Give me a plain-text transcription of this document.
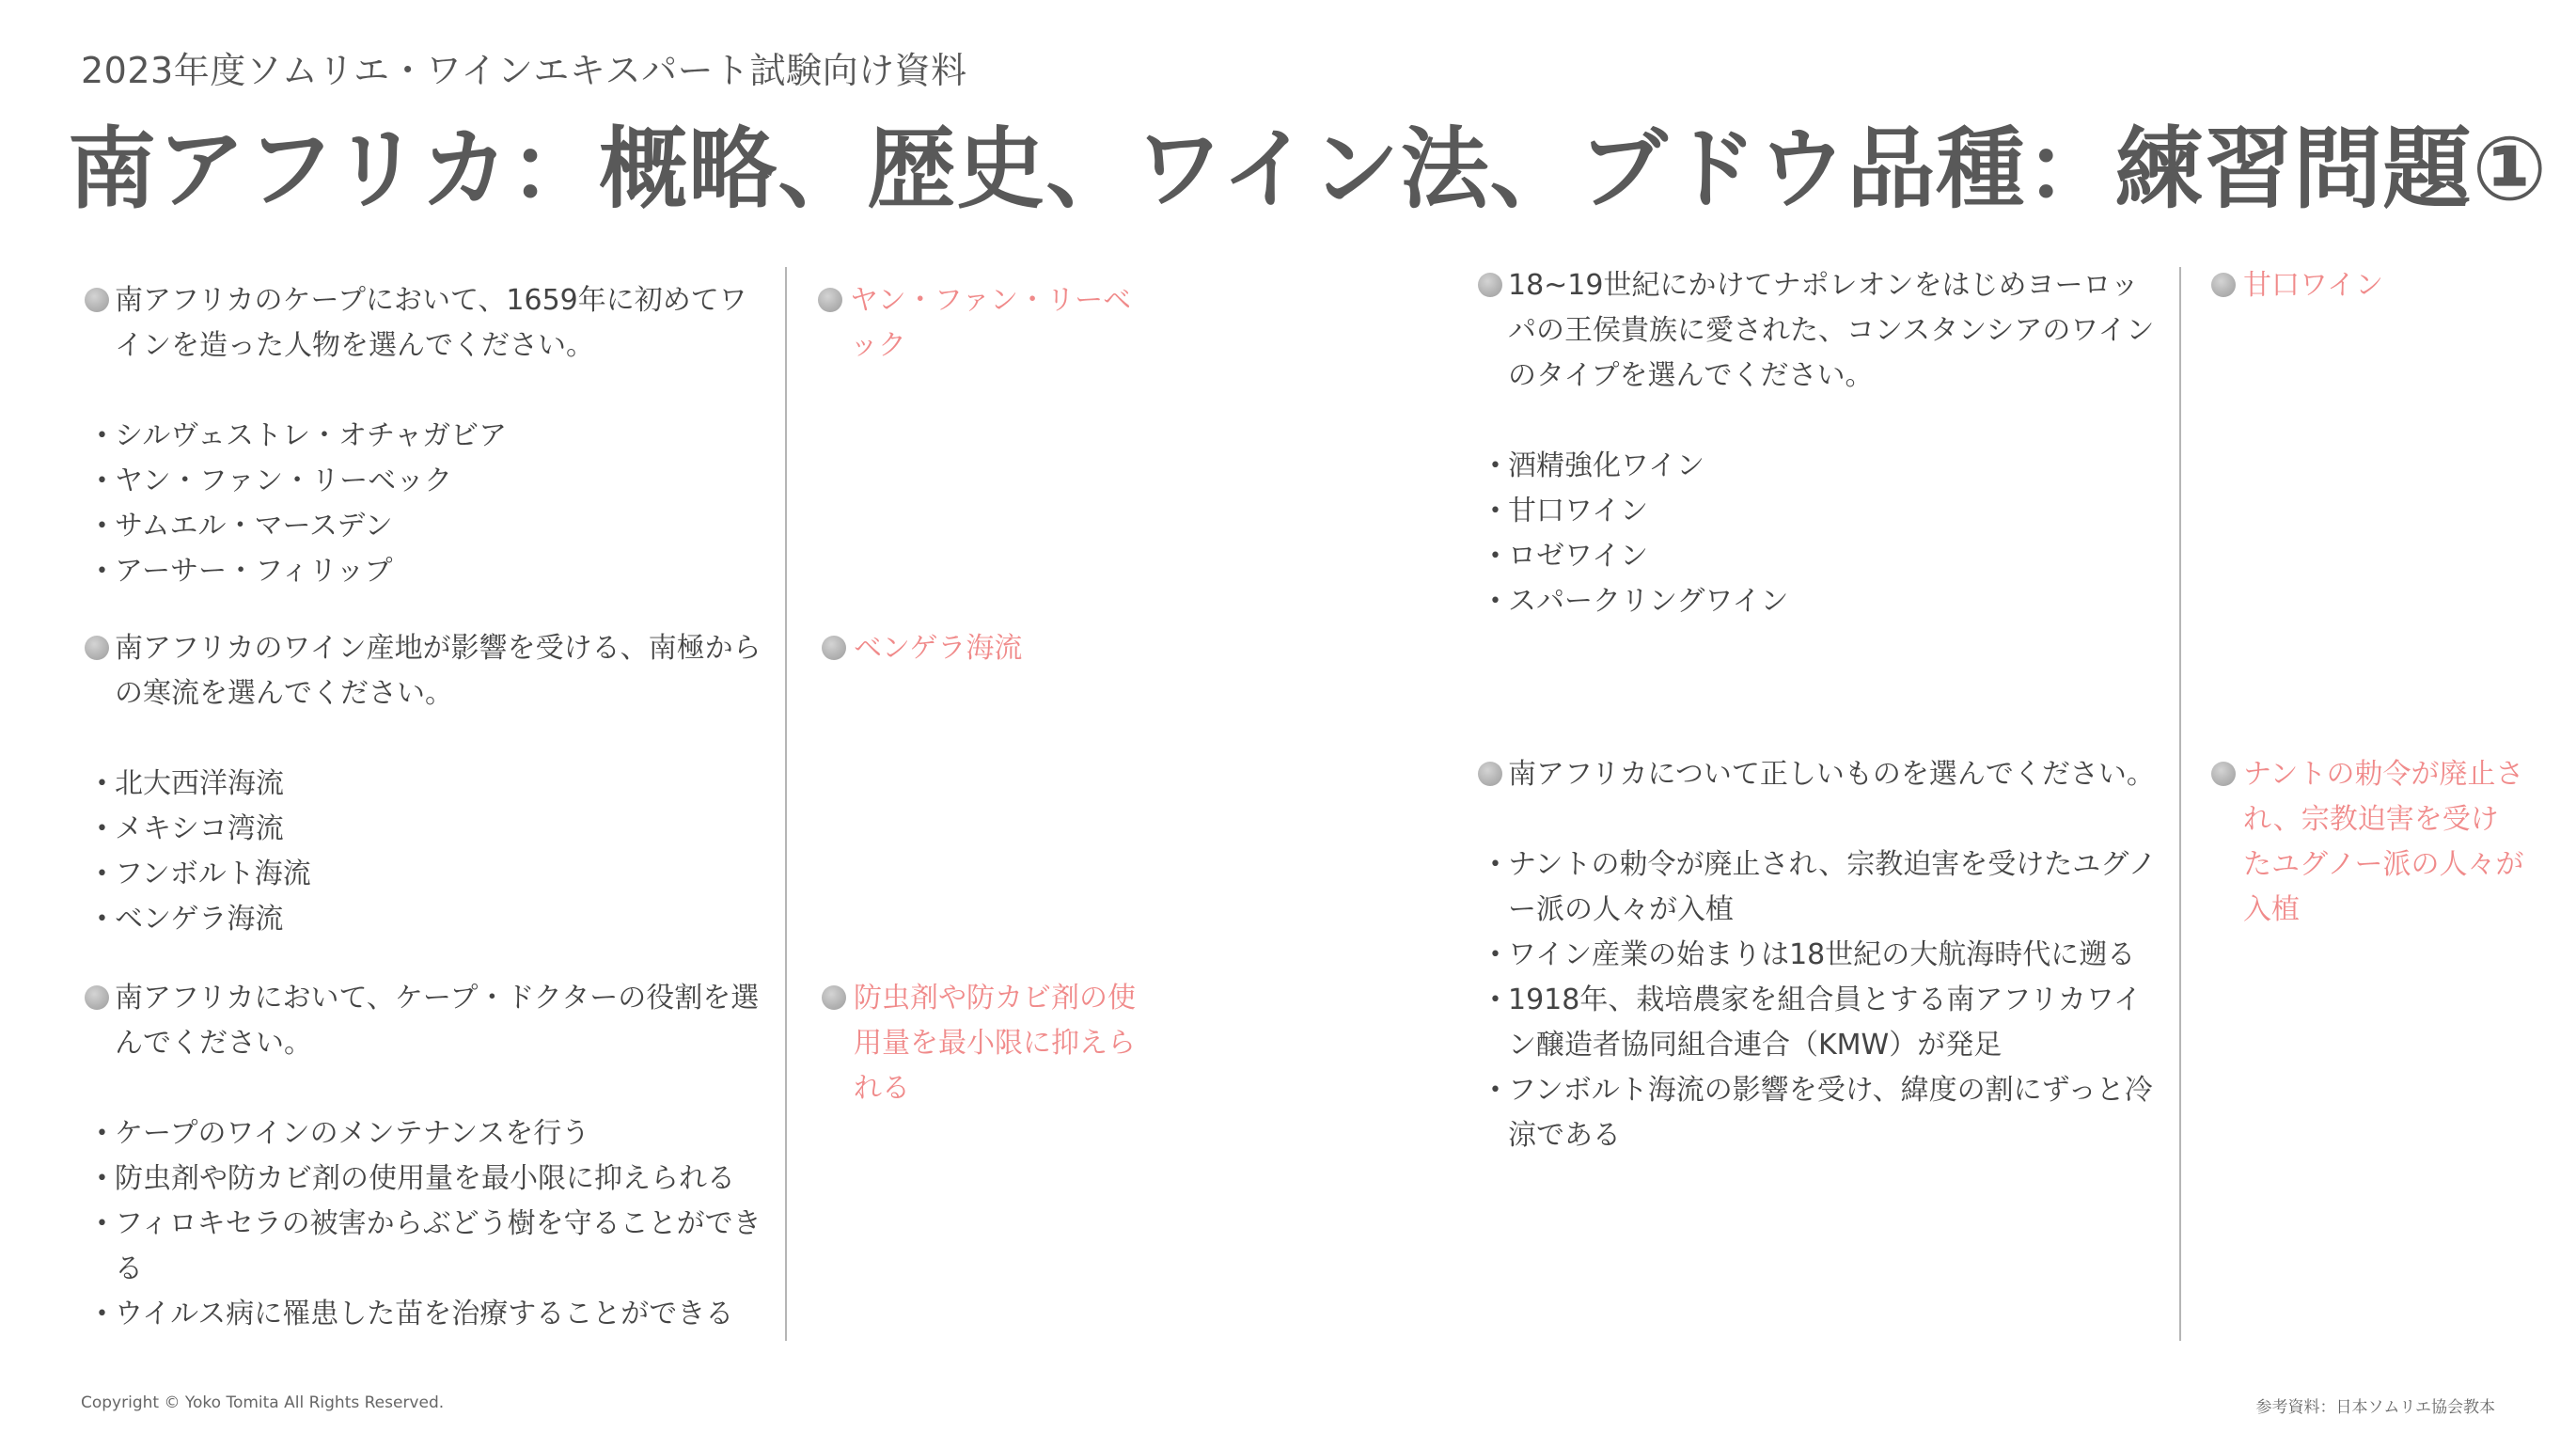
2023年度ソムリエ・ワインエキスパート試験向け資料
南アフリカ：概略、歴史、ワイン法、ブドウ品種：練習問題①
南アフリカのケープにおいて、1659年に初めてワインを造った人物を選んでください。
• シルヴェストレ・オチャガビア
• ヤン・ファン・リーベック
• サムエル・マースデン
• アーサー・フィリップ
ヤン・ファン・リーベック
南アフリカのワイン産地が影響を受ける、南極からの寒流を選んでください。
• 北大西洋海流
• メキシコ湾流
• フンボルト海流
• ベンゲラ海流
ベンゲラ海流
南アフリカにおいて、ケープ・ドクターの役割を選んでください。
• ケープのワインのメンテナンスを行う
• 防虫剤や防カビ剤の使用量を最小限に抑えられる
• フィロキセラの被害からぶどう樹を守ることができる
• ウイルス病に罹患した苗を治療することができる
防虫剤や防カビ剤の使用量を最小限に抑えられる
18~19世紀にかけてナポレオンをはじめヨーロッパの王侯貴族に愛された、コンスタンシアのワインのタイプを選んでください。
• 酒精強化ワイン
• 甘口ワイン
• ロゼワイン
• スパークリングワイン
甘口ワイン
南アフリカについて正しいものを選んでください。
• ナントの勅令が廃止され、宗教迫害を受けたユグノー派の人々が入植
• ワイン産業の始まりは18世紀の大航海時代に遡る
• 1918年、栽培農家を組合員とする南アフリカワイン醸造者協同組合連合（KMW）が発足
• フンボルト海流の影響を受け、緯度の割にずっと冷涼である
ナントの勅令が廃止され、宗教迫害を受けたユグノー派の人々が入植
Copyright © Yoko Tomita All Rights Reserved.	参考資料：日本ソムリエ協会教本
